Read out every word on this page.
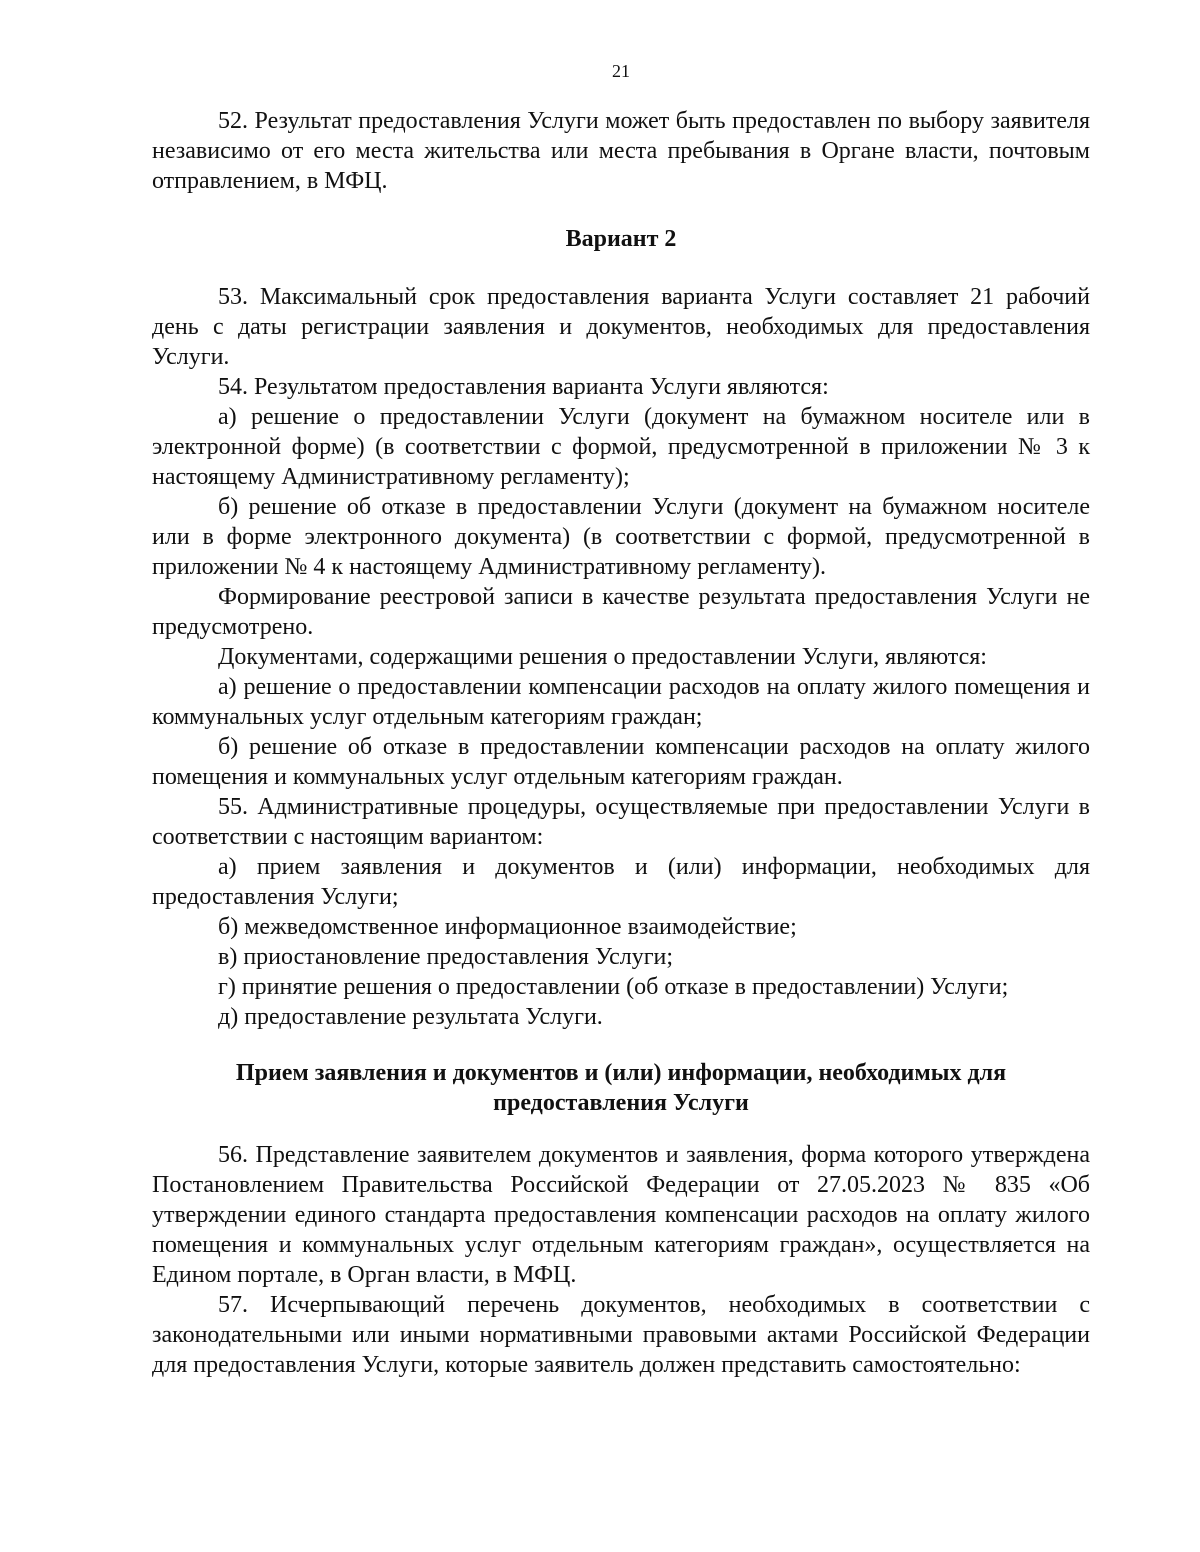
21

52. Результат предоставления Услуги может быть предоставлен по выбору заявителя независимо от его места жительства или места пребывания в Органе власти, почтовым отправлением, в МФЦ.

Вариант 2

53. Максимальный срок предоставления варианта Услуги составляет 21 рабочий день с даты регистрации заявления и документов, необходимых для предоставления Услуги.

54. Результатом предоставления варианта Услуги являются:

а) решение о предоставлении Услуги (документ на бумажном носителе или в электронной форме) (в соответствии с формой, предусмотренной в приложении № 3 к настоящему Административному регламенту);

б) решение об отказе в предоставлении Услуги (документ на бумажном носителе или в форме электронного документа) (в соответствии с формой, предусмотренной в приложении № 4 к настоящему Административному регламенту).

Формирование реестровой записи в качестве результата предоставления Услуги не предусмотрено.

Документами, содержащими решения о предоставлении Услуги, являются:

а) решение о предоставлении компенсации расходов на оплату жилого помещения и коммунальных услуг отдельным категориям граждан;

б) решение об отказе в предоставлении компенсации расходов на оплату жилого помещения и коммунальных услуг отдельным категориям граждан.

55. Административные процедуры, осуществляемые при предоставлении Услуги в соответствии с настоящим вариантом:

а) прием заявления и документов и (или) информации, необходимых для предоставления Услуги;

б) межведомственное информационное взаимодействие;

в) приостановление предоставления Услуги;

г) принятие решения о предоставлении (об отказе в предоставлении) Услуги;

д) предоставление результата Услуги.

Прием заявления и документов и (или) информации, необходимых для предоставления Услуги

56. Представление заявителем документов и заявления, форма которого утверждена Постановлением Правительства Российской Федерации от 27.05.2023 № 835 «Об утверждении единого стандарта предоставления компенсации расходов на оплату жилого помещения и коммунальных услуг отдельным категориям граждан», осуществляется на Едином портале, в Орган власти, в МФЦ.

57. Исчерпывающий перечень документов, необходимых в соответствии с законодательными или иными нормативными правовыми актами Российской Федерации для предоставления Услуги, которые заявитель должен представить самостоятельно:
